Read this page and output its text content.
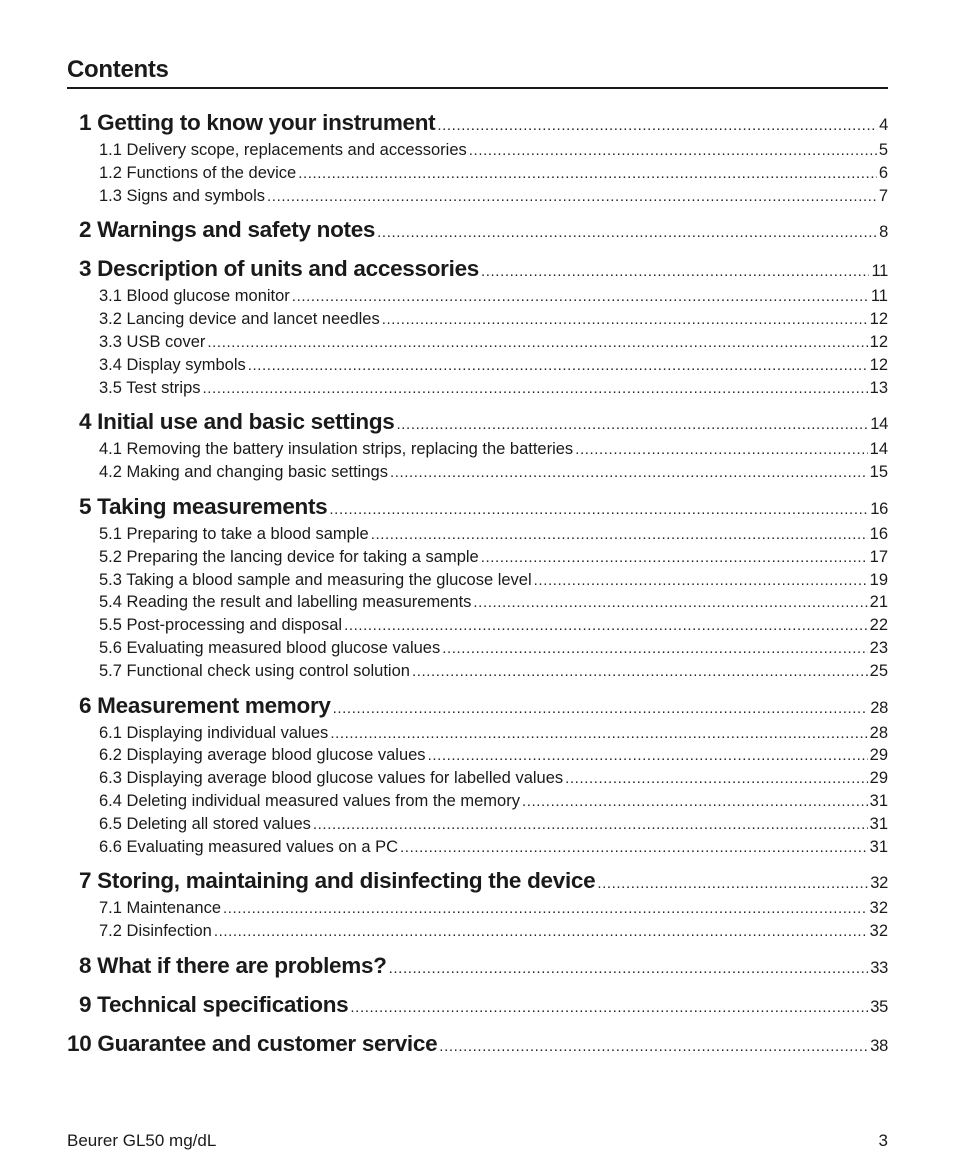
Contents
1 Getting to know your instrument .....	4
1.1 Delivery scope, replacements and accessories .....	5
1.2 Functions of the device .....	6
1.3 Signs and symbols .....	7
2 Warnings and safety notes .....	8
3 Description of units and accessories .....	11
3.1 Blood glucose monitor .....	11
3.2 Lancing device and lancet needles .....	12
3.3 USB cover .....	12
3.4 Display symbols .....	12
3.5 Test strips .....	13
4 Initial use and basic settings .....	14
4.1 Removing the battery insulation strips, replacing the batteries .....	14
4.2 Making and changing basic settings .....	15
5 Taking measurements .....	16
5.1 Preparing to take a blood sample .....	16
5.2 Preparing the lancing device for taking a sample .....	17
5.3 Taking a blood sample and measuring the glucose level .....	19
5.4 Reading the result and labelling measurements .....	21
5.5 Post-processing and disposal .....	22
5.6 Evaluating measured blood glucose values .....	23
5.7 Functional check using control solution .....	25
6 Measurement memory .....	28
6.1 Displaying individual values .....	28
6.2 Displaying average blood glucose values .....	29
6.3 Displaying average blood glucose values for labelled values .....	29
6.4 Deleting individual measured values from the memory .....	31
6.5 Deleting all stored values .....	31
6.6 Evaluating measured values on a PC .....	31
7 Storing, maintaining and disinfecting the device .....	32
7.1 Maintenance .....	32
7.2 Disinfection .....	32
8 What if there are problems? .....	33
9 Technical specifications .....	35
10 Guarantee and customer service .....	38
Beurer GL50 mg/dL	3
